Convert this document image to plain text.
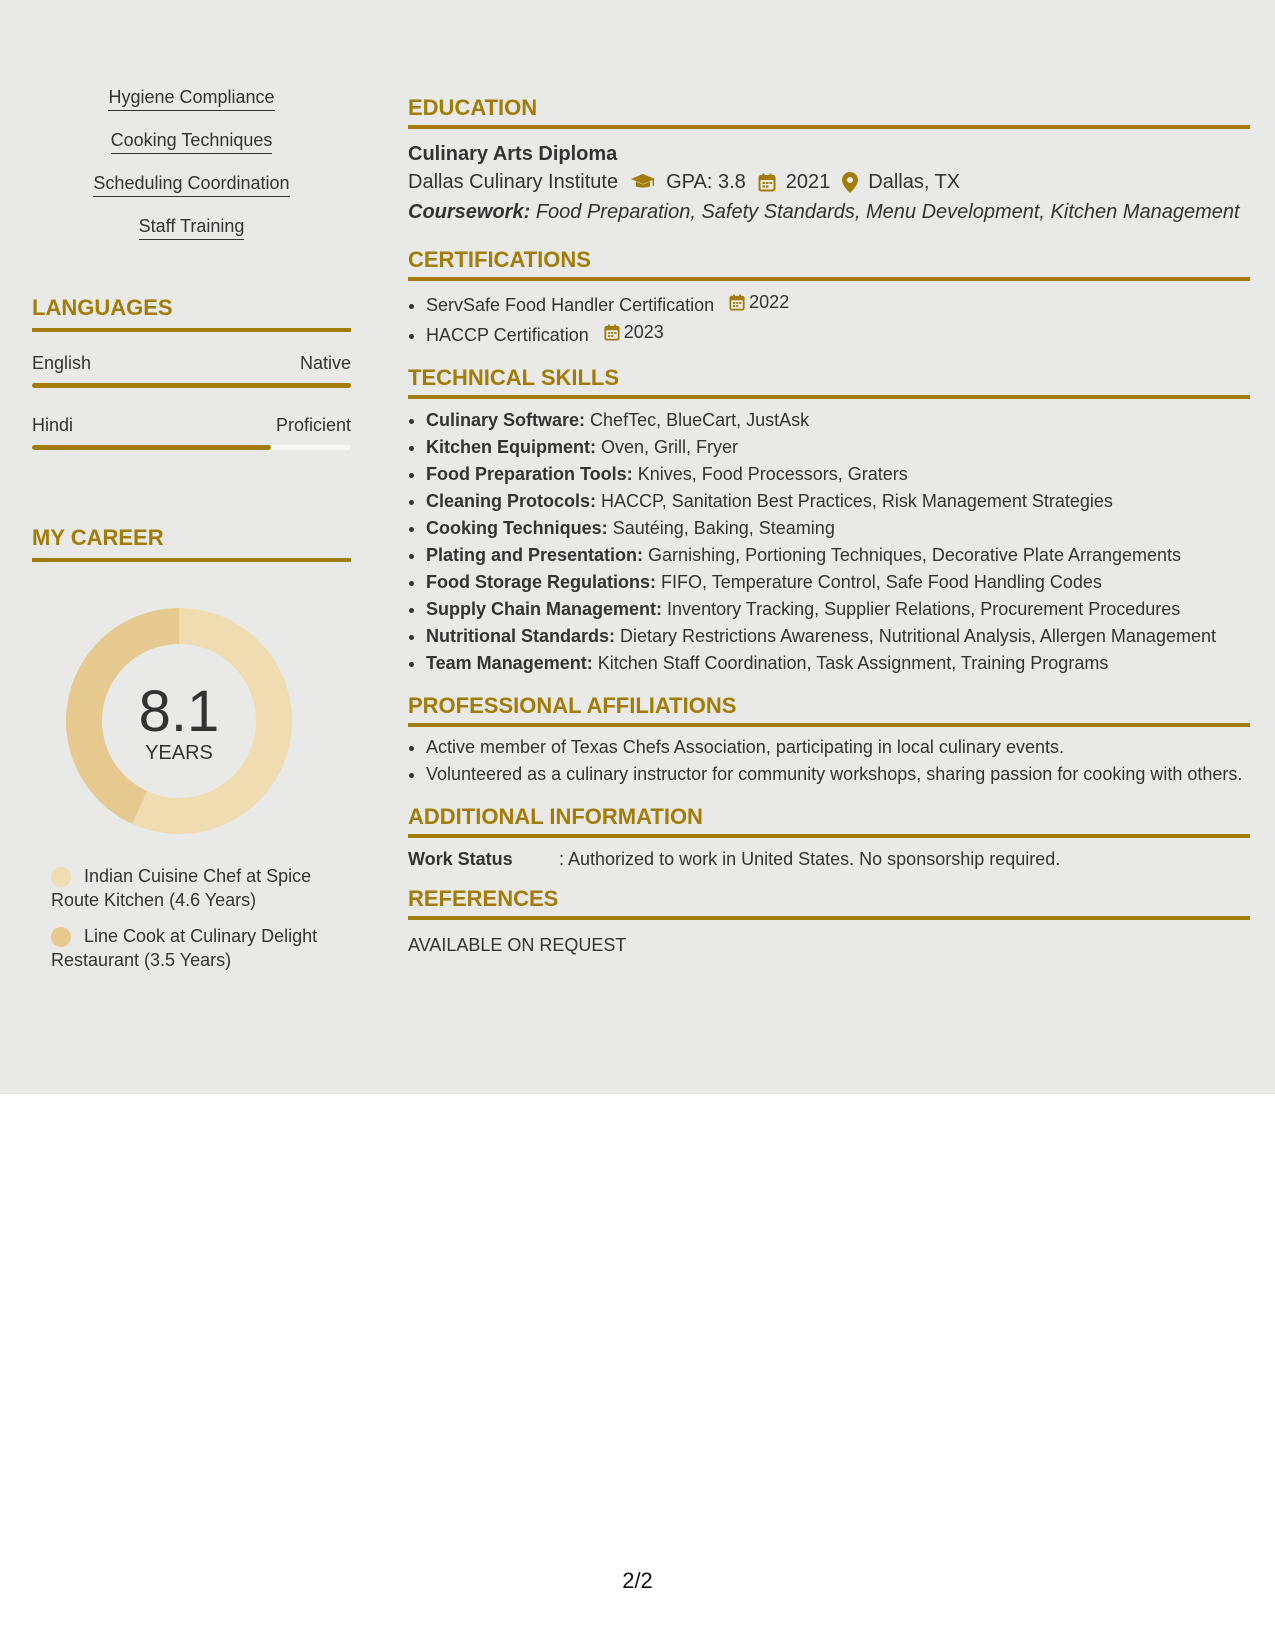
Hygiene Compliance
Cooking Techniques
Scheduling Coordination
Staff Training
LANGUAGES
English	Native
Hindi	Proficient
MY CAREER
8.1
YEARS
Indian Cuisine Chef at Spice Route Kitchen (4.6 Years)
Line Cook at Culinary Delight Restaurant (3.5 Years)
EDUCATION
Culinary Arts Diploma
Dallas Culinary Institute GPA: 3.8 2021 Dallas, TX
Coursework: Food Preparation, Safety Standards, Menu Development, Kitchen Management
CERTIFICATIONS
• ServSafe Food Handler Certification 2022
• HACCP Certification 2023
TECHNICAL SKILLS
• Culinary Software: ChefTec, BlueCart, JustAsk
• Kitchen Equipment: Oven, Grill, Fryer
• Food Preparation Tools: Knives, Food Processors, Graters
• Cleaning Protocols: HACCP, Sanitation Best Practices, Risk Management Strategies
• Cooking Techniques: Sautéing, Baking, Steaming
• Plating and Presentation: Garnishing, Portioning Techniques, Decorative Plate Arrangements
• Food Storage Regulations: FIFO, Temperature Control, Safe Food Handling Codes
• Supply Chain Management: Inventory Tracking, Supplier Relations, Procurement Procedures
• Nutritional Standards: Dietary Restrictions Awareness, Nutritional Analysis, Allergen Management
• Team Management: Kitchen Staff Coordination, Task Assignment, Training Programs
PROFESSIONAL AFFILIATIONS
• Active member of Texas Chefs Association, participating in local culinary events.
• Volunteered as a culinary instructor for community workshops, sharing passion for cooking with others.
ADDITIONAL INFORMATION
Work Status	: Authorized to work in United States. No sponsorship required.
REFERENCES
AVAILABLE ON REQUEST
2/2
